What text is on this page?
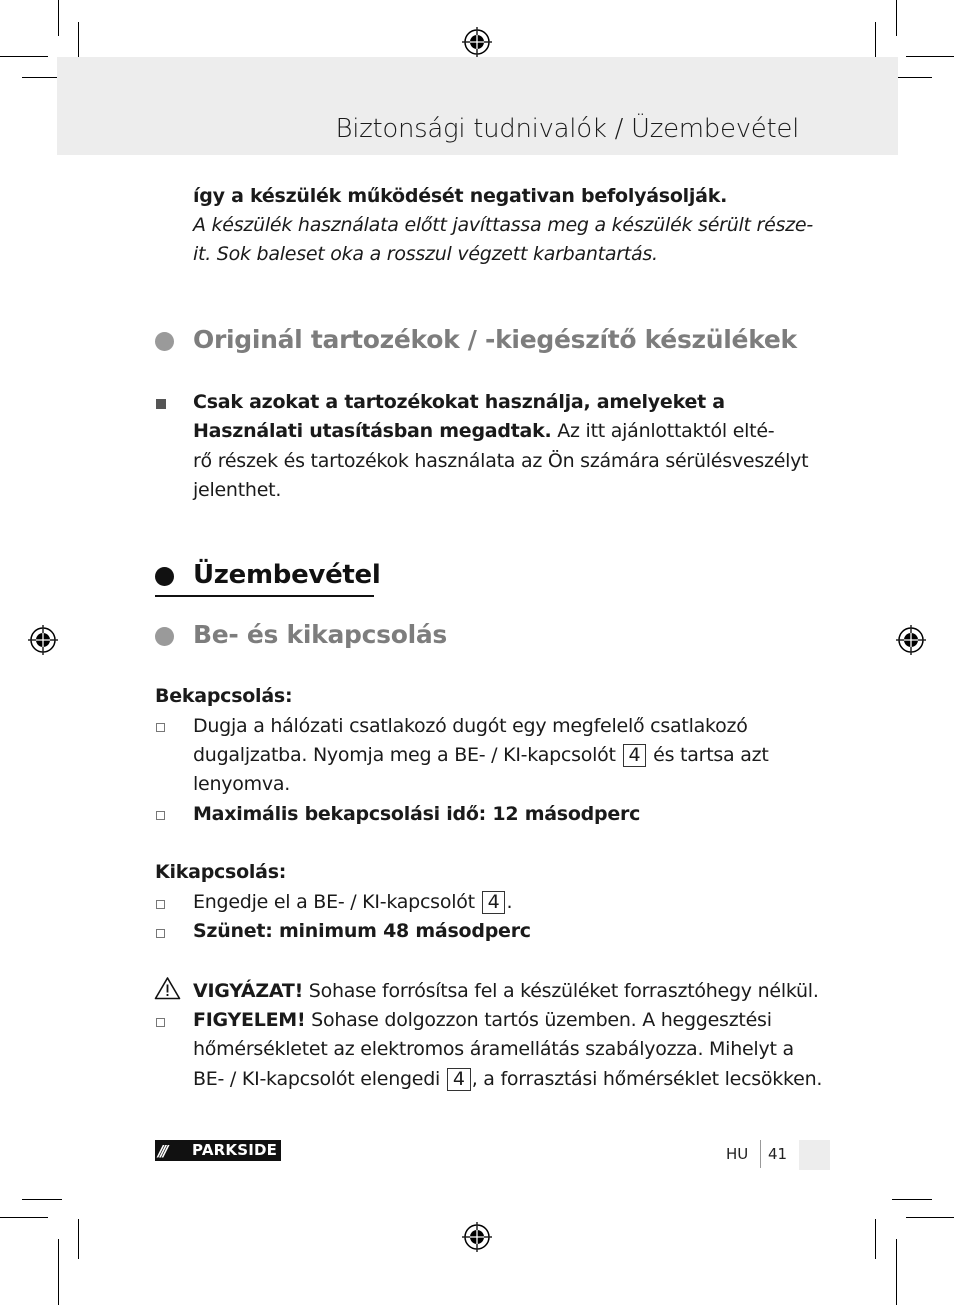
Biztonsági tudnivalók / Üzembevétel
így a készülék működését negativan befolyásolják.
A készülék használata előtt javíttassa meg a készülék sérült része-
it. Sok baleset oka a rosszul végzett karbantartás.
Originál tartozékok / -kiegészítő készülékek
Csak azokat a tartozékokat használja, amelyeket a
Használati utasításban megadtak. Az itt ajánlottaktól elté-
rő részek és tartozékok használata az Ön számára sérülésveszélyt
jelenthet.
Üzembevétel
Be- és kikapcsolás
Bekapcsolás:
Dugja a hálózati csatlakozó dugót egy megfelelő csatlakozó
dugaljzatba. Nyomja meg a BE- / KI-kapcsolót 4 és tartsa azt
lenyomva.
Maximális bekapcsolási idő: 12 másodperc
Kikapcsolás:
Engedje el a BE- / KI-kapcsolót 4 .
Szünet: minimum 48 másodperc
VIGYÁZAT! Sohase forrósítsa fel a készüléket forrasztóhegy nélkül.
FIGYELEM! Sohase dolgozzon tartós üzemben. A heggesztési
hőmérsékletet az elektromos áramellátás szabályozza. Mihelyt a
BE- / KI-kapcsolót elengedi 4 , a forrasztási hőmérséklet lecsökken.
/// PARKSIDE	HU 41
